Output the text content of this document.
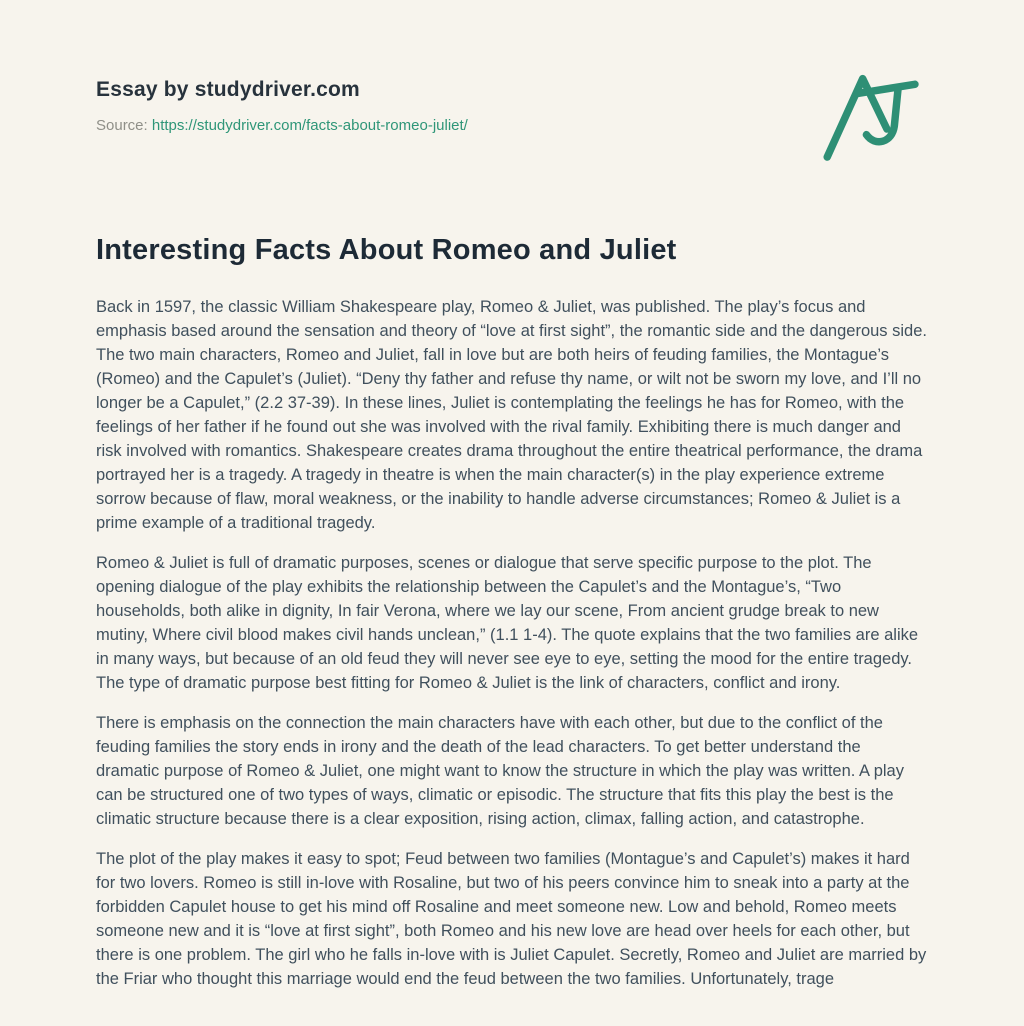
Essay by studydriver.com
Source: https://studydriver.com/facts-about-romeo-juliet/
Interesting Facts About Romeo and Juliet

Back in 1597, the classic William Shakespeare play, Romeo & Juliet, was published. The play’s focus and emphasis based around the sensation and theory of “love at first sight”, the romantic side and the dangerous side. The two main characters, Romeo and Juliet, fall in love but are both heirs of feuding families, the Montague’s (Romeo) and the Capulet’s (Juliet). “Deny thy father and refuse thy name, or wilt not be sworn my love, and I’ll no longer be a Capulet,” (2.2 37-39). In these lines, Juliet is contemplating the feelings he has for Romeo, with the feelings of her father if he found out she was involved with the rival family. Exhibiting there is much danger and risk involved with romantics. Shakespeare creates drama throughout the entire theatrical performance, the drama portrayed her is a tragedy. A tragedy in theatre is when the main character(s) in the play experience extreme sorrow because of flaw, moral weakness, or the inability to handle adverse circumstances; Romeo & Juliet is a prime example of a traditional tragedy.

Romeo & Juliet is full of dramatic purposes, scenes or dialogue that serve specific purpose to the plot. The opening dialogue of the play exhibits the relationship between the Capulet’s and the Montague’s, “Two households, both alike in dignity, In fair Verona, where we lay our scene, From ancient grudge break to new mutiny, Where civil blood makes civil hands unclean,” (1.1 1-4). The quote explains that the two families are alike in many ways, but because of an old feud they will never see eye to eye, setting the mood for the entire tragedy. The type of dramatic purpose best fitting for Romeo & Juliet is the link of characters, conflict and irony.

There is emphasis on the connection the main characters have with each other, but due to the conflict of the feuding families the story ends in irony and the death of the lead characters. To get better understand the dramatic purpose of Romeo & Juliet, one might want to know the structure in which the play was written. A play can be structured one of two types of ways, climatic or episodic. The structure that fits this play the best is the climatic structure because there is a clear exposition, rising action, climax, falling action, and catastrophe.

The plot of the play makes it easy to spot; Feud between two families (Montague’s and Capulet’s) makes it hard for two lovers. Romeo is still in-love with Rosaline, but two of his peers convince him to sneak into a party at the forbidden Capulet house to get his mind off Rosaline and meet someone new. Low and behold, Romeo meets someone new and it is “love at first sight”, both Romeo and his new love are head over heels for each other, but there is one problem. The girl who he falls in-love with is Juliet Capulet. Secretly, Romeo and Juliet are married by the Friar who thought this marriage would end the feud between the two families. Unfortunately, trage
